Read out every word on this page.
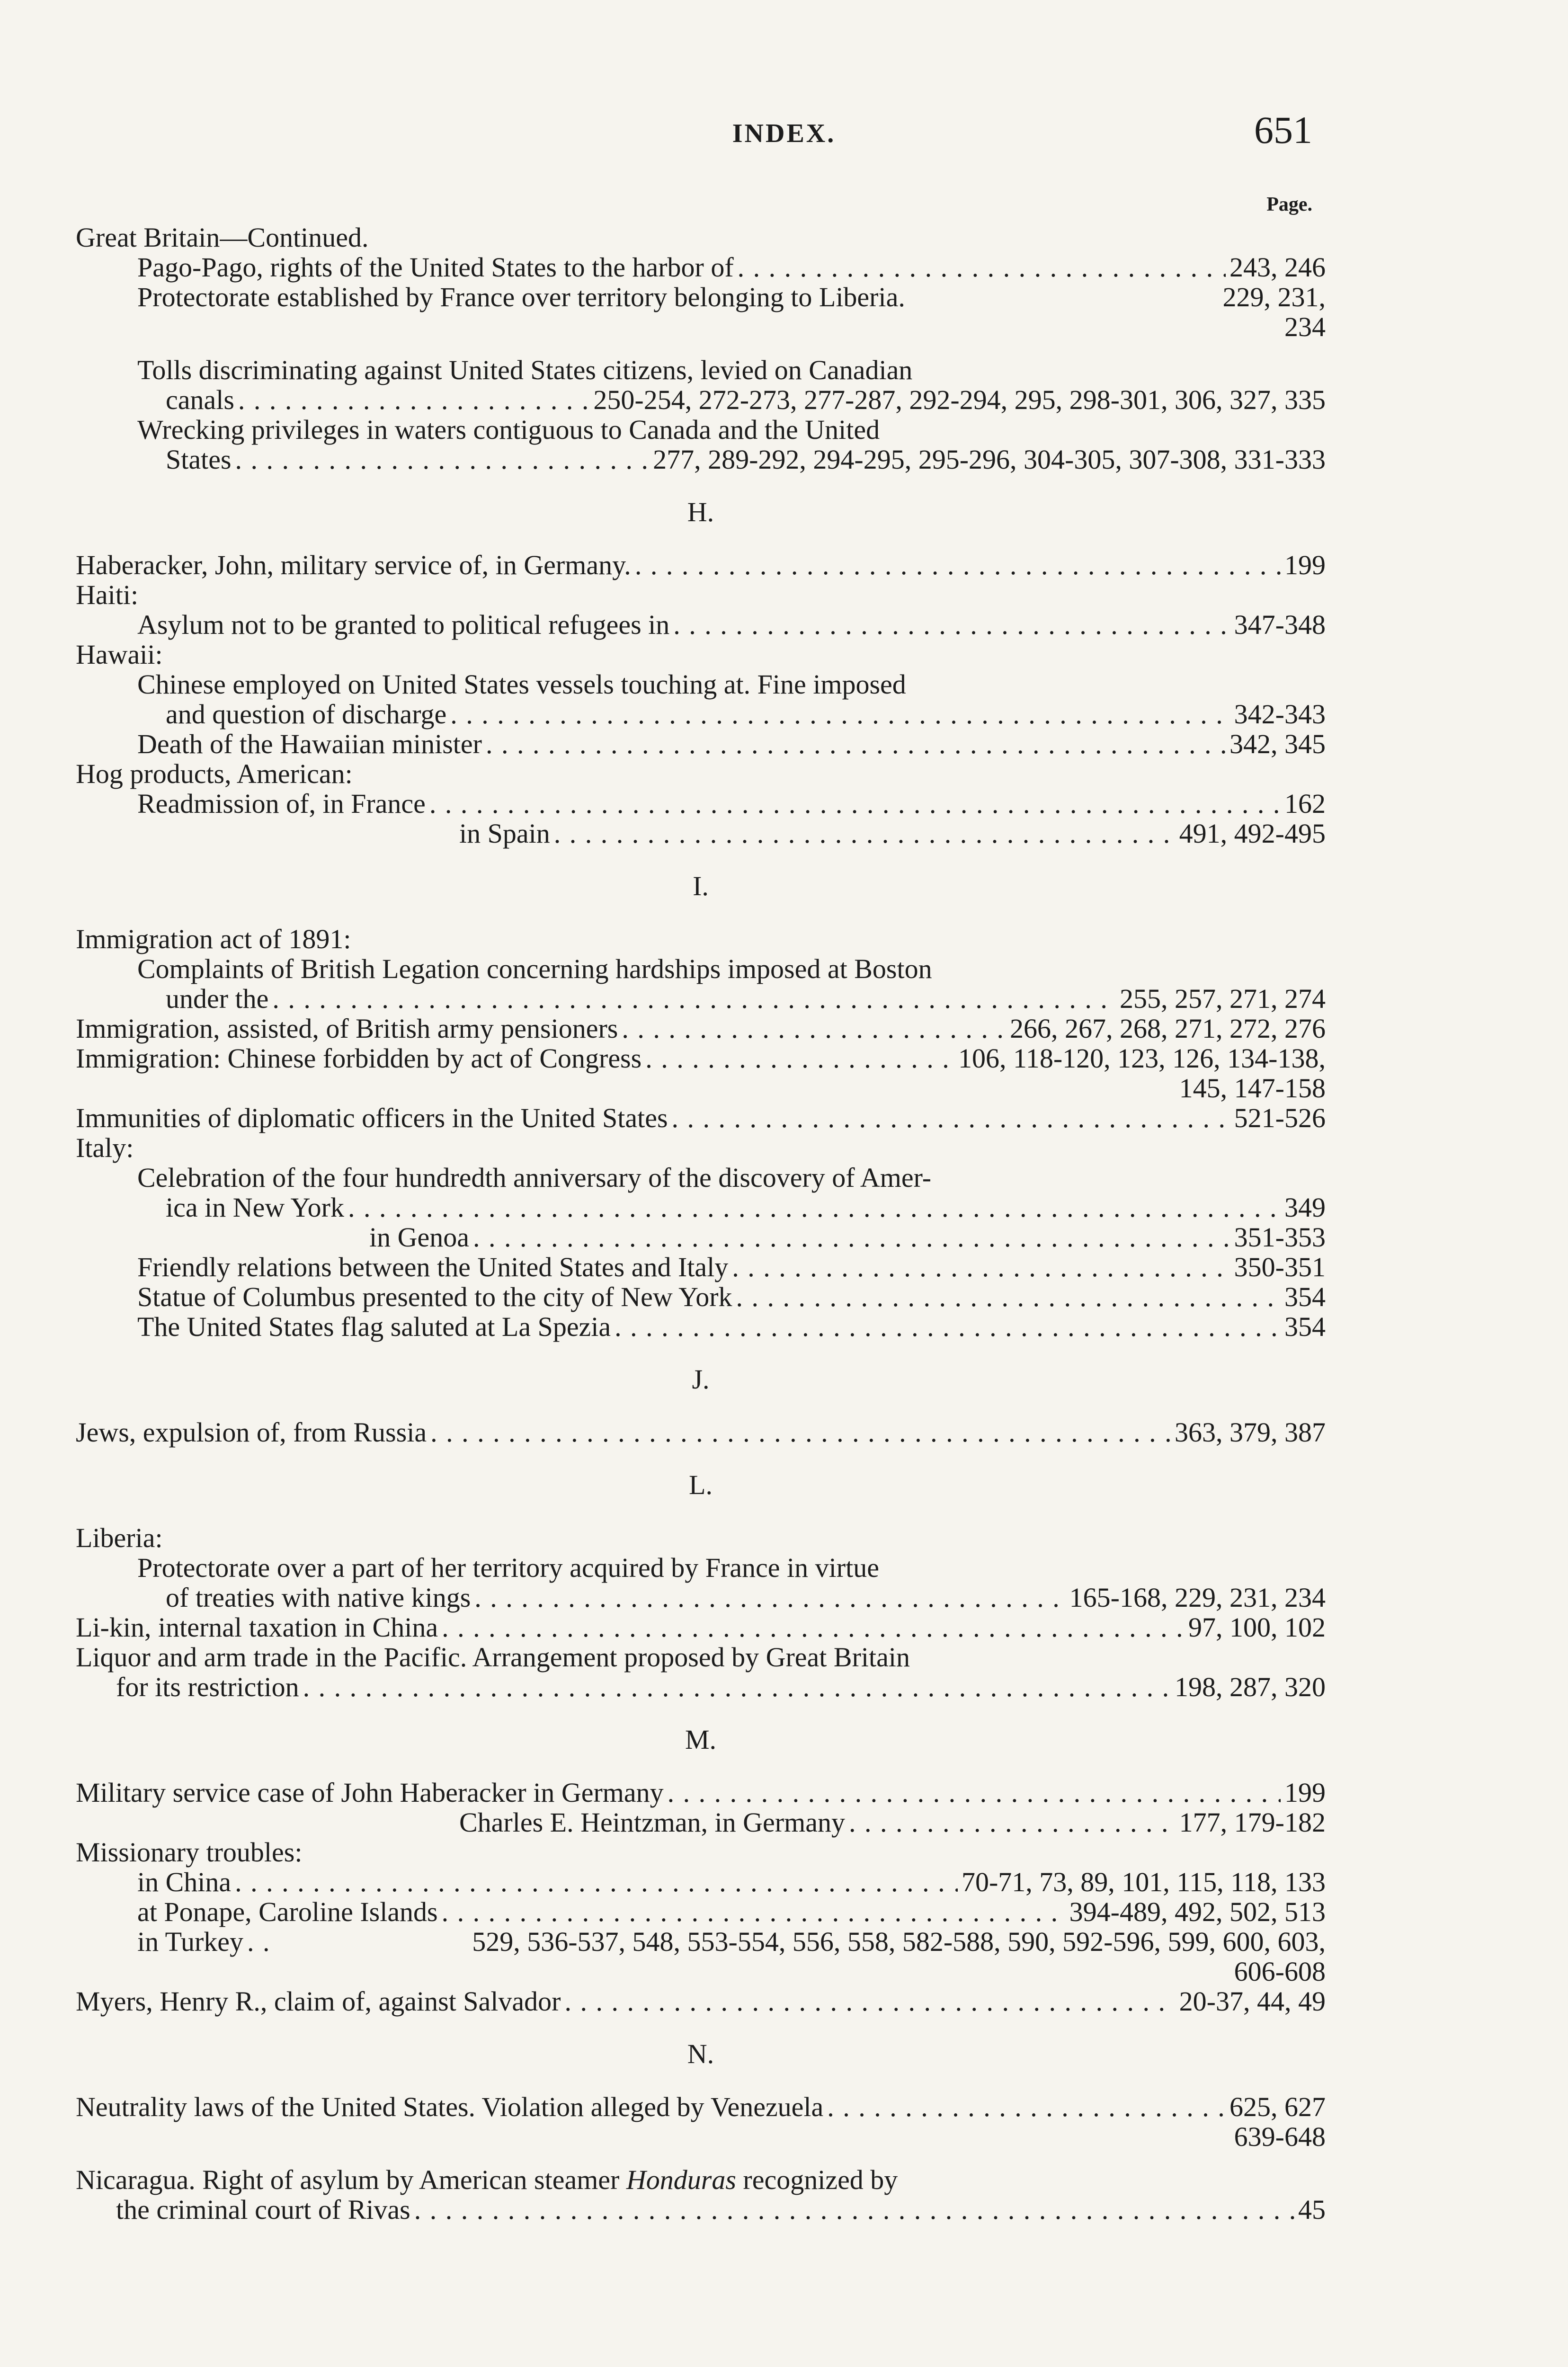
INDEX.	651
Page.
Great Britain—Continued.
Pago-Pago, rights of the United States to the harbor of . . .	243, 246
Protectorate established by France over territory belonging to Liberia.	229, 231,
234
Tolls discriminating against United States citizens, levied on Canadian
canals . . .	250-254, 272-273, 277-287, 292-294, 295, 298-301, 306, 327, 335
Wrecking privileges in waters contiguous to Canada and the United
States . . .	277, 289-292, 294-295, 295-296, 304-305, 307-308, 331-333
H.
Haberacker, John, military service of, in Germany. . . .	199
Haiti:
Asylum not to be granted to political refugees in . . .	347-348
Hawaii:
Chinese employed on United States vessels touching at. Fine imposed
and question of discharge . . .	342-343
Death of the Hawaiian minister . . .	342, 345
Hog products, American:
Readmission of, in France . . .	162
in Spain . . .	491, 492-495
I.
Immigration act of 1891:
Complaints of British Legation concerning hardships imposed at Boston
under the . . .	255, 257, 271, 274
Immigration, assisted, of British army pensioners . . .	266, 267, 268, 271, 272, 276
Immigration: Chinese forbidden by act of Congress . . .	106, 118-120, 123, 126, 134-138,
145, 147-158
Immunities of diplomatic officers in the United States . . .	521-526
Italy:
Celebration of the four hundredth anniversary of the discovery of Amer-
ica in New York . . .	349
in Genoa . . .	351-353
Friendly relations between the United States and Italy . . .	350-351
Statue of Columbus presented to the city of New York . . .	354
The United States flag saluted at La Spezia . . .	354
J.
Jews, expulsion of, from Russia . . .	363, 379, 387
L.
Liberia:
Protectorate over a part of her territory acquired by France in virtue
of treaties with native kings . . .	165-168, 229, 231, 234
Li-kin, internal taxation in China . . .	97, 100, 102
Liquor and arm trade in the Pacific. Arrangement proposed by Great Britain
for its restriction . . .	198, 287, 320
M.
Military service case of John Haberacker in Germany . . .	199
Charles E. Heintzman, in Germany . . .	177, 179-182
Missionary troubles:
in China . . .	70-71, 73, 89, 101, 115, 118, 133
at Ponape, Caroline Islands . . .	394-489, 492, 502, 513
in Turkey . . .	529, 536-537, 548, 553-554, 556, 558, 582-588, 590, 592-596, 599, 600, 603,
606-608
Myers, Henry R., claim of, against Salvador . . .	20-37, 44, 49
N.
Neutrality laws of the United States. Violation alleged by Venezuela . . .	625, 627
639-648
Nicaragua. Right of asylum by American steamer Honduras recognized by
the criminal court of Rivas . . .	45
